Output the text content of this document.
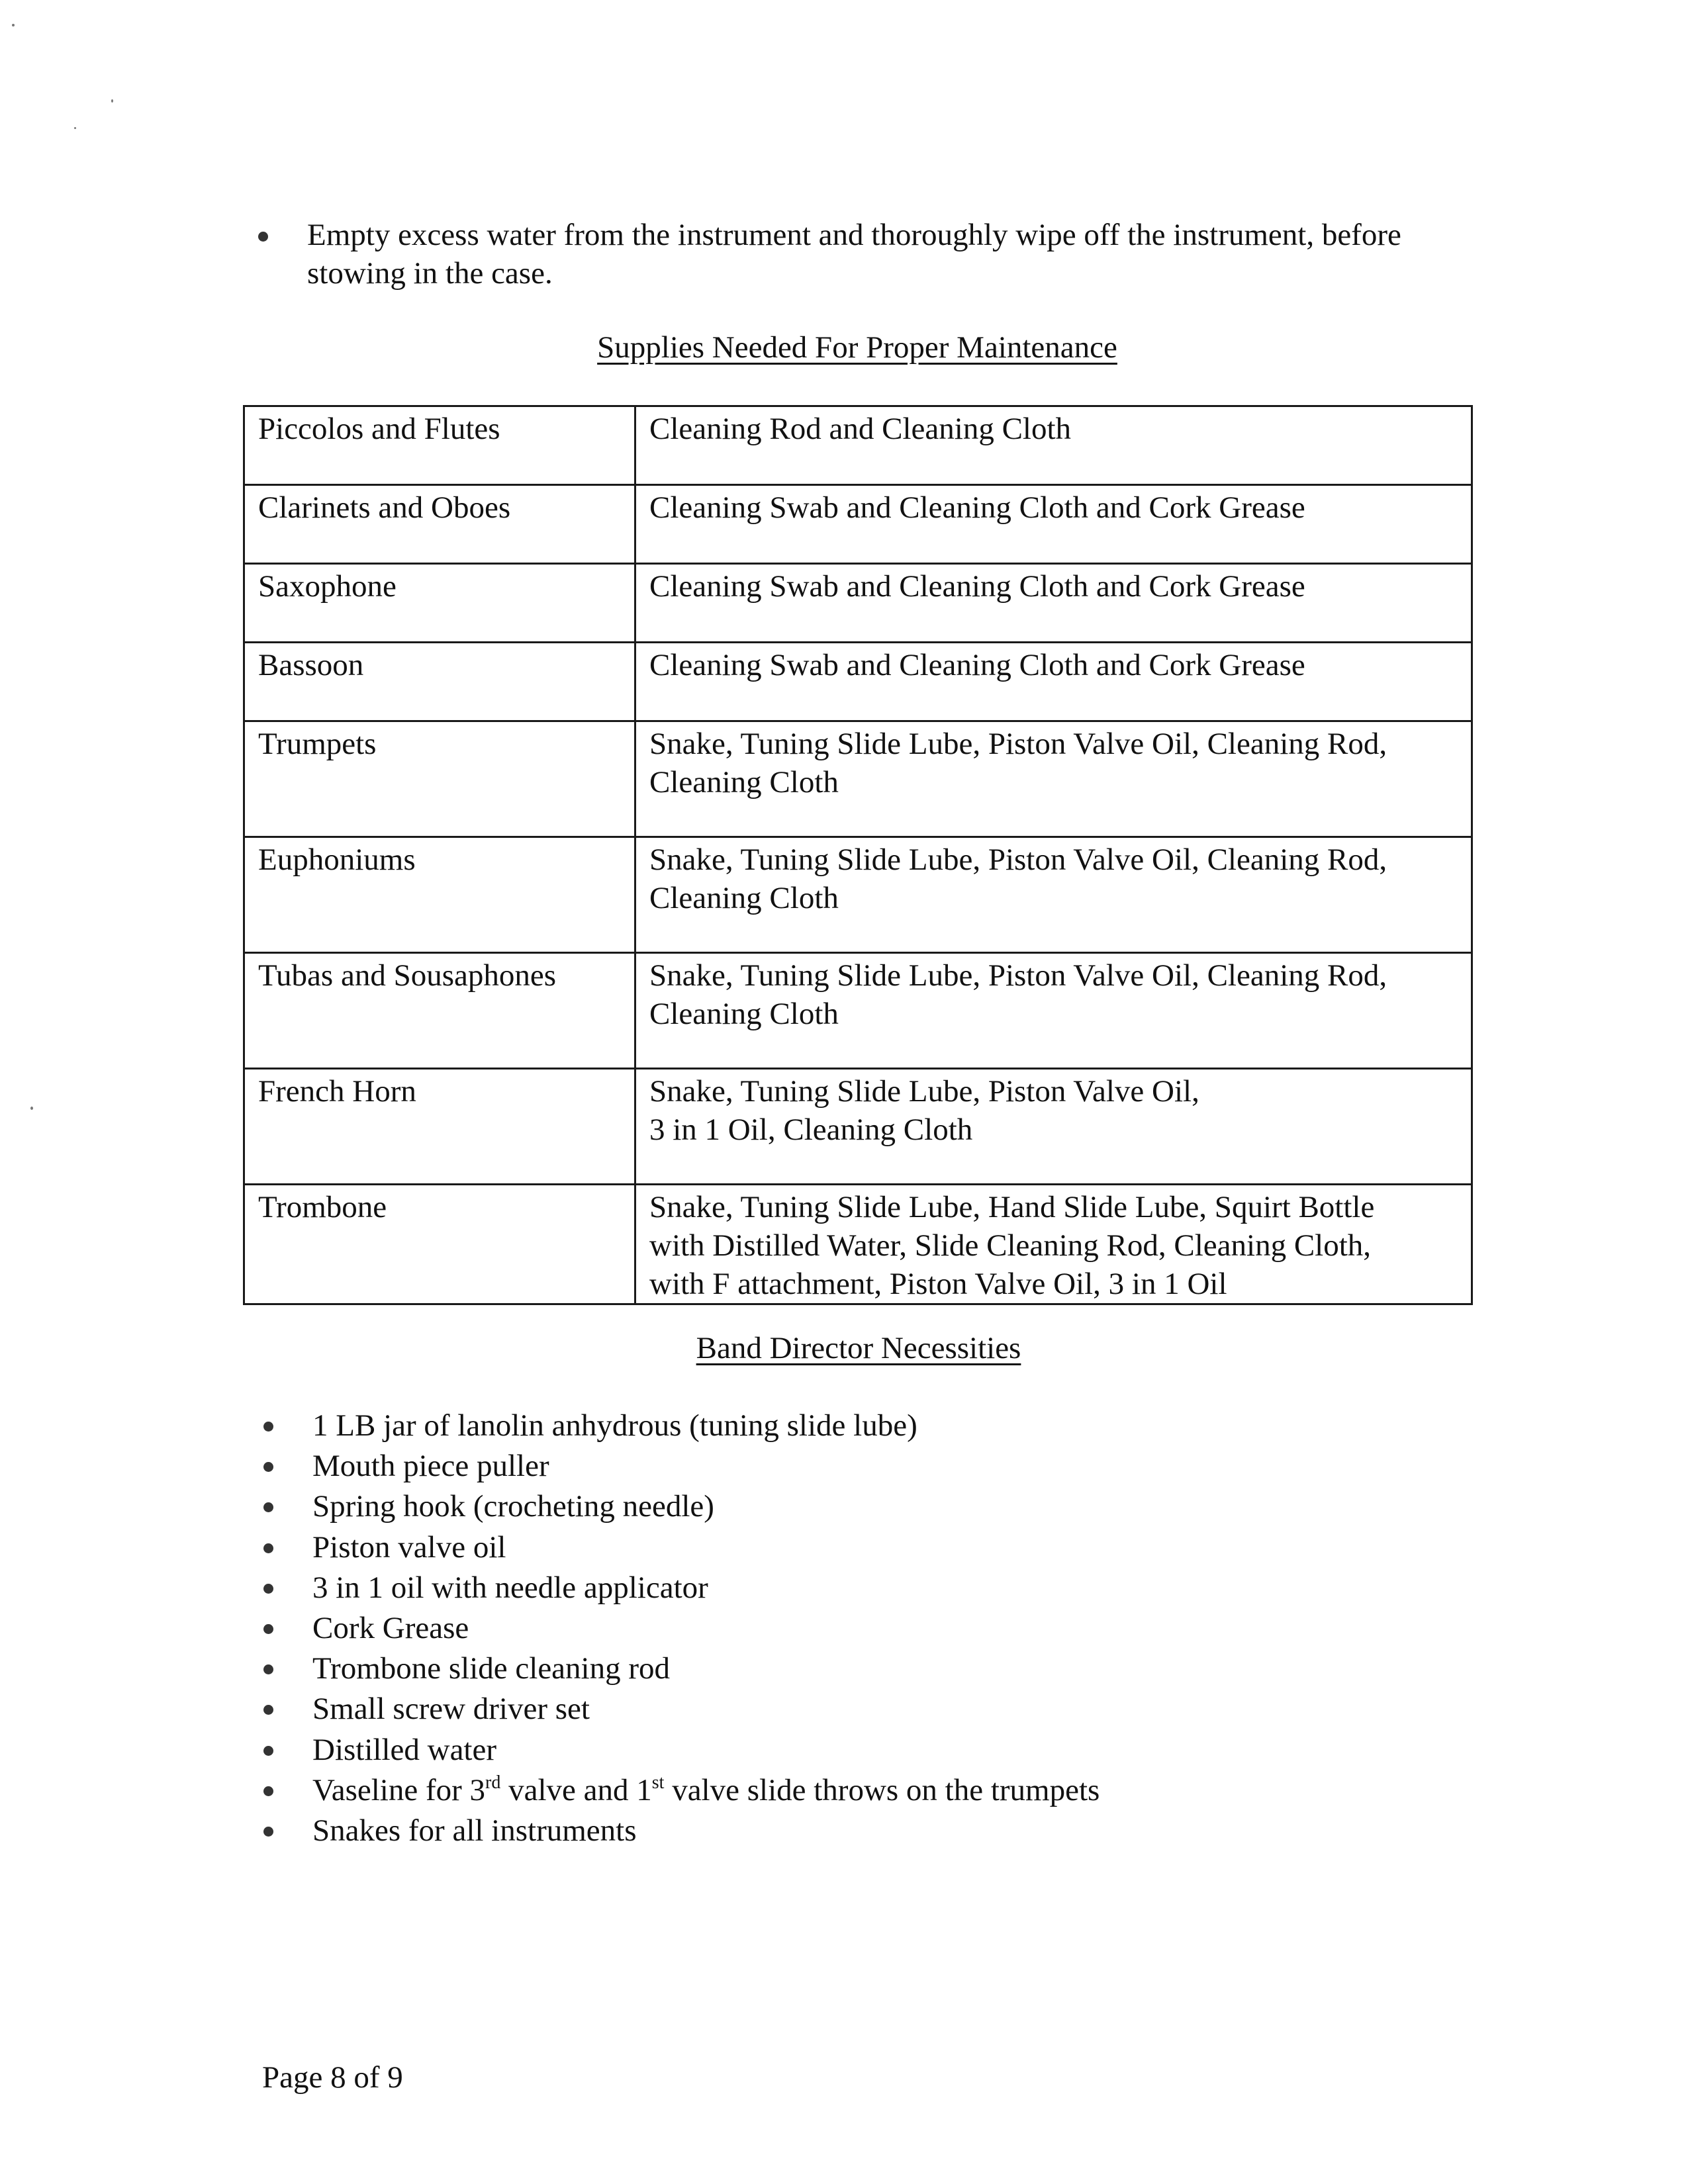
Empty excess water from the instrument and thoroughly wipe off the instrument, before stowing in the case.
Supplies Needed For Proper Maintenance
Piccolos and Flutes	Cleaning Rod and Cleaning Cloth
Clarinets and Oboes	Cleaning Swab and Cleaning Cloth and Cork Grease
Saxophone	Cleaning Swab and Cleaning Cloth and Cork Grease
Bassoon	Cleaning Swab and Cleaning Cloth and Cork Grease
Trumpets	Snake, Tuning Slide Lube, Piston Valve Oil, Cleaning Rod, Cleaning Cloth
Euphoniums	Snake, Tuning Slide Lube, Piston Valve Oil, Cleaning Rod, Cleaning Cloth
Tubas and Sousaphones	Snake, Tuning Slide Lube, Piston Valve Oil, Cleaning Rod, Cleaning Cloth
French Horn	Snake, Tuning Slide Lube, Piston Valve Oil,
3 in 1 Oil, Cleaning Cloth

Trombone	Snake, Tuning Slide Lube, Hand Slide Lube, Squirt Bottle
with Distilled Water, Slide Cleaning Rod, Cleaning Cloth,
with F attachment, Piston Valve Oil, 3 in 1 Oil
Band Director Necessities
1 LB jar of lanolin anhydrous (tuning slide lube)
Mouth piece puller
Spring hook (crocheting needle)
Piston valve oil
3 in 1 oil with needle applicator
Cork Grease
Trombone slide cleaning rod
Small screw driver set
Distilled water
Vaseline for 3rd valve and 1st valve slide throws on the trumpets
Snakes for all instruments
Page 8 of 9
